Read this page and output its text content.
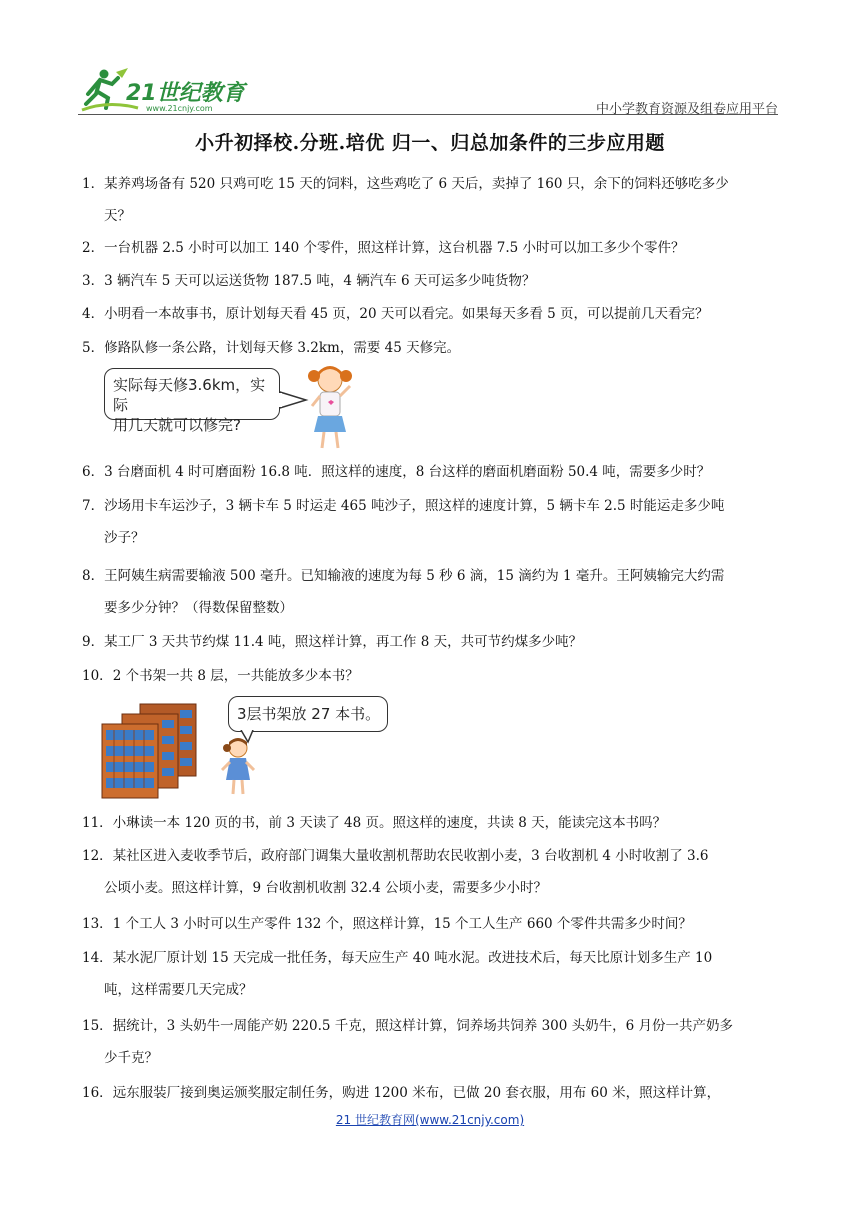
21世纪教育
www.21cnjy.com	中小学教育资源及组卷应用平台
小升初择校.分班.培优 归一、归总加条件的三步应用题
1．某养鸡场备有 520 只鸡可吃 15 天的饲料，这些鸡吃了 6 天后，卖掉了 160 只，余下的饲料还够吃多少
天？
2．一台机器 2.5 小时可以加工 140 个零件，照这样计算，这台机器 7.5 小时可以加工多少个零件？
3．3 辆汽车 5 天可以运送货物 187.5 吨，4 辆汽车 6 天可运多少吨货物？
4．小明看一本故事书，原计划每天看 45 页，20 天可以看完。如果每天多看 5 页，可以提前几天看完？
5．修路队修一条公路，计划每天修 3.2km，需要 45 天修完。
实际每天修3.6km，实际
用几天就可以修完?
6．3 台磨面机 4 时可磨面粉 16.8 吨．照这样的速度，8 台这样的磨面机磨面粉 50.4 吨，需要多少时？
7．沙场用卡车运沙子，3 辆卡车 5 时运走 465 吨沙子，照这样的速度计算，5 辆卡车 2.5 时能运走多少吨
沙子？
8．王阿姨生病需要输液 500 毫升。已知输液的速度为每 5 秒 6 滴，15 滴约为 1 毫升。王阿姨输完大约需
要多少分钟？（得数保留整数）
9．某工厂 3 天共节约煤 11.4 吨，照这样计算，再工作 8 天，共可节约煤多少吨？
10．2 个书架一共 8 层，一共能放多少本书？
3层书架放 27 本书。
11．小琳读一本 120 页的书，前 3 天读了 48 页。照这样的速度，共读 8 天，能读完这本书吗？
12．某社区进入麦收季节后，政府部门调集大量收割机帮助农民收割小麦，3 台收割机 4 小时收割了 3.6
公顷小麦。照这样计算，9 台收割机收割 32.4 公顷小麦，需要多少小时？
13．1 个工人 3 小时可以生产零件 132 个，照这样计算，15 个工人生产 660 个零件共需多少时间？
14．某水泥厂原计划 15 天完成一批任务，每天应生产 40 吨水泥。改进技术后，每天比原计划多生产 10
吨，这样需要几天完成？
15．据统计，3 头奶牛一周能产奶 220.5 千克，照这样计算，饲养场共饲养 300 头奶牛，6 月份一共产奶多
少千克？
16．远东服装厂接到奥运颁奖服定制任务，购进 1200 米布，已做 20 套衣服，用布 60 米，照这样计算，
21 世纪教育网(www.21cnjy.com)
